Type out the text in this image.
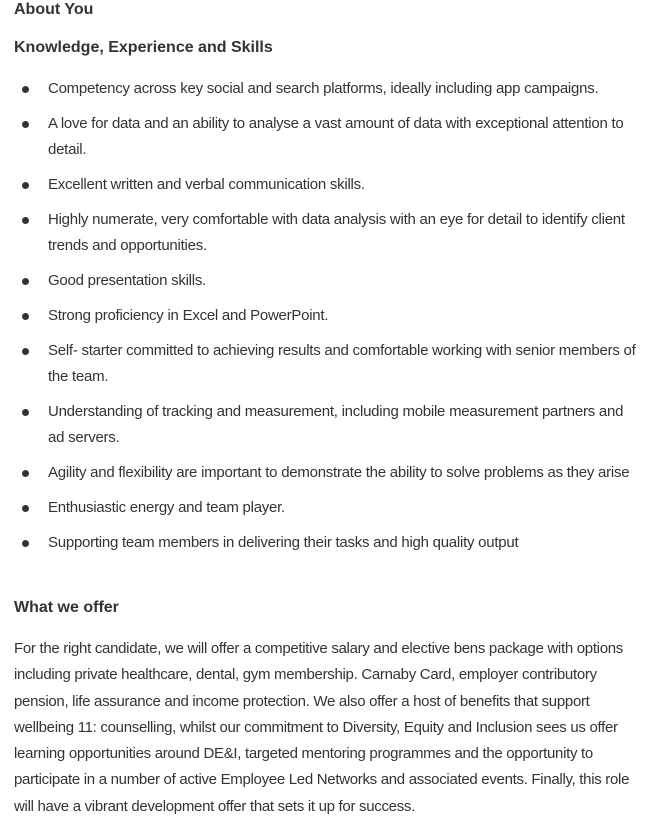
About You
Knowledge, Experience and Skills
Competency across key social and search platforms, ideally including app campaigns.
A love for data and an ability to analyse a vast amount of data with exceptional attention to detail.
Excellent written and verbal communication skills.
Highly numerate, very comfortable with data analysis with an eye for detail to identify client trends and opportunities.
Good presentation skills.
Strong proficiency in Excel and PowerPoint.
Self- starter committed to achieving results and comfortable working with senior members of the team.
Understanding of tracking and measurement, including mobile measurement partners and ad servers.
Agility and flexibility are important to demonstrate the ability to solve problems as they arise
Enthusiastic energy and team player.
Supporting team members in delivering their tasks and high quality output
What we offer

For the right candidate, we will offer a competitive salary and elective bens package with options including private healthcare, dental, gym membership. Carnaby Card, employer contributory pension, life assurance and income protection. We also offer a host of benefits that support wellbeing 11: counselling, whilst our commitment to Diversity, Equity and Inclusion sees us offer learning opportunities around DE&I, targeted mentoring programmes and the opportunity to participate in a number of active Employee Led Networks and associated events. Finally, this role will have a vibrant development offer that sets it up for success.
